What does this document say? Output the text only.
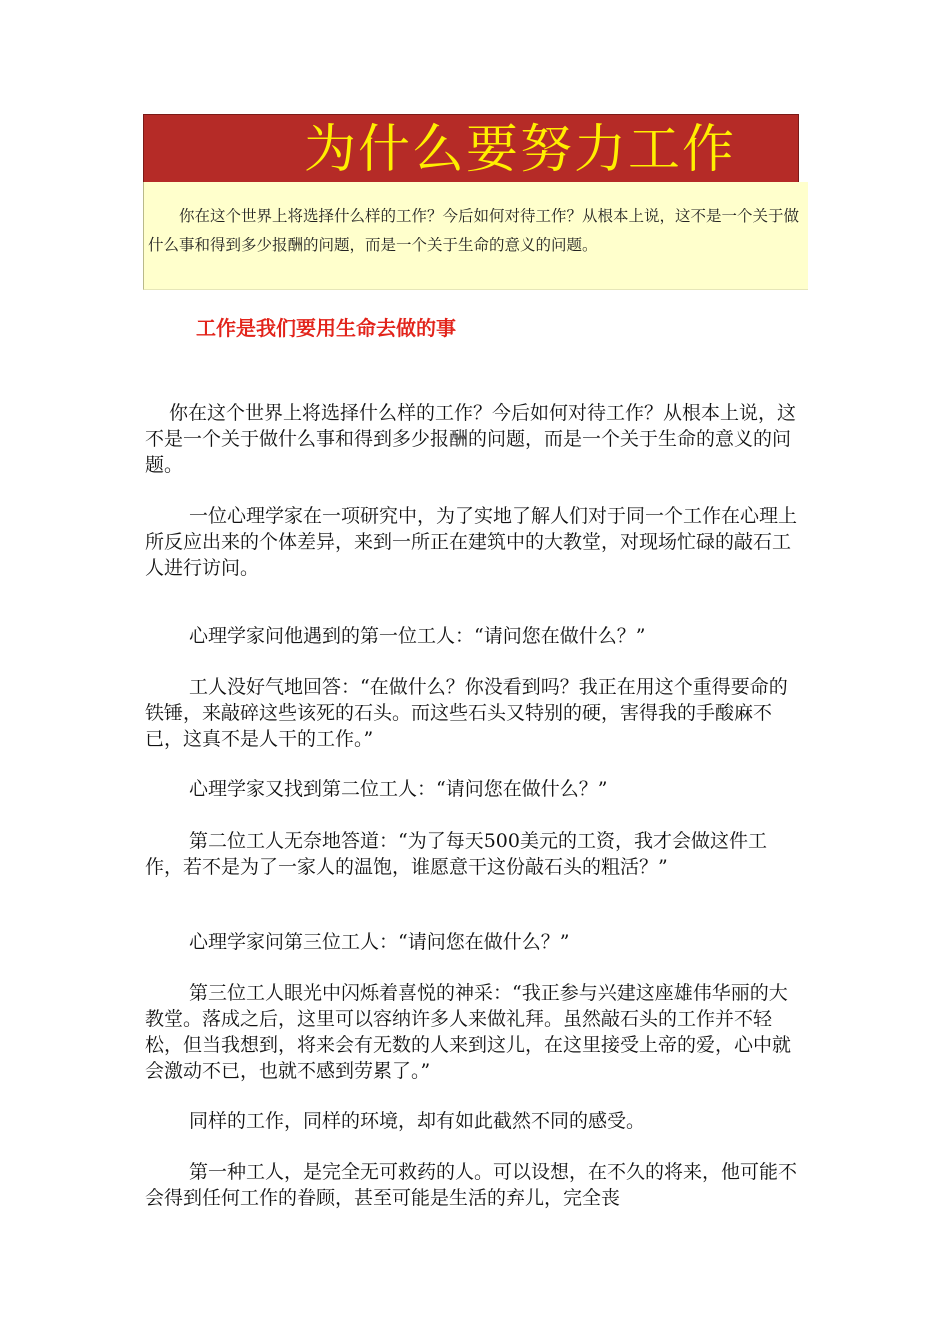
为什么要努力工作
你在这个世界上将选择什么样的工作？今后如何对待工作？从根本上说，这不是一个关于做什么事和得到多少报酬的问题，而是一个关于生命的意义的问题。
工作是我们要用生命去做的事

你在这个世界上将选择什么样的工作？今后如何对待工作？从根本上说，这不是一个关于做什么事和得到多少报酬的问题，而是一个关于生命的意义的问题。

一位心理学家在一项研究中，为了实地了解人们对于同一个工作在心理上所反应出来的个体差异，来到一所正在建筑中的大教堂，对现场忙碌的敲石工人进行访问。

心理学家问他遇到的第一位工人：“请问您在做什么？”

工人没好气地回答：“在做什么？你没看到吗？我正在用这个重得要命的铁锤，来敲碎这些该死的石头。而这些石头又特别的硬，害得我的手酸麻不已，这真不是人干的工作。”

心理学家又找到第二位工人：“请问您在做什么？”

第二位工人无奈地答道：“为了每天500美元的工资，我才会做这件工作，若不是为了一家人的温饱，谁愿意干这份敲石头的粗活？”

心理学家问第三位工人：“请问您在做什么？”

第三位工人眼光中闪烁着喜悦的神采：“我正参与兴建这座雄伟华丽的大教堂。落成之后，这里可以容纳许多人来做礼拜。虽然敲石头的工作并不轻松，但当我想到，将来会有无数的人来到这儿，在这里接受上帝的爱，心中就会激动不已，也就不感到劳累了。”

同样的工作，同样的环境，却有如此截然不同的感受。

第一种工人，是完全无可救药的人。可以设想，在不久的将来，他可能不会得到任何工作的眷顾，甚至可能是生活的弃儿，完全丧
